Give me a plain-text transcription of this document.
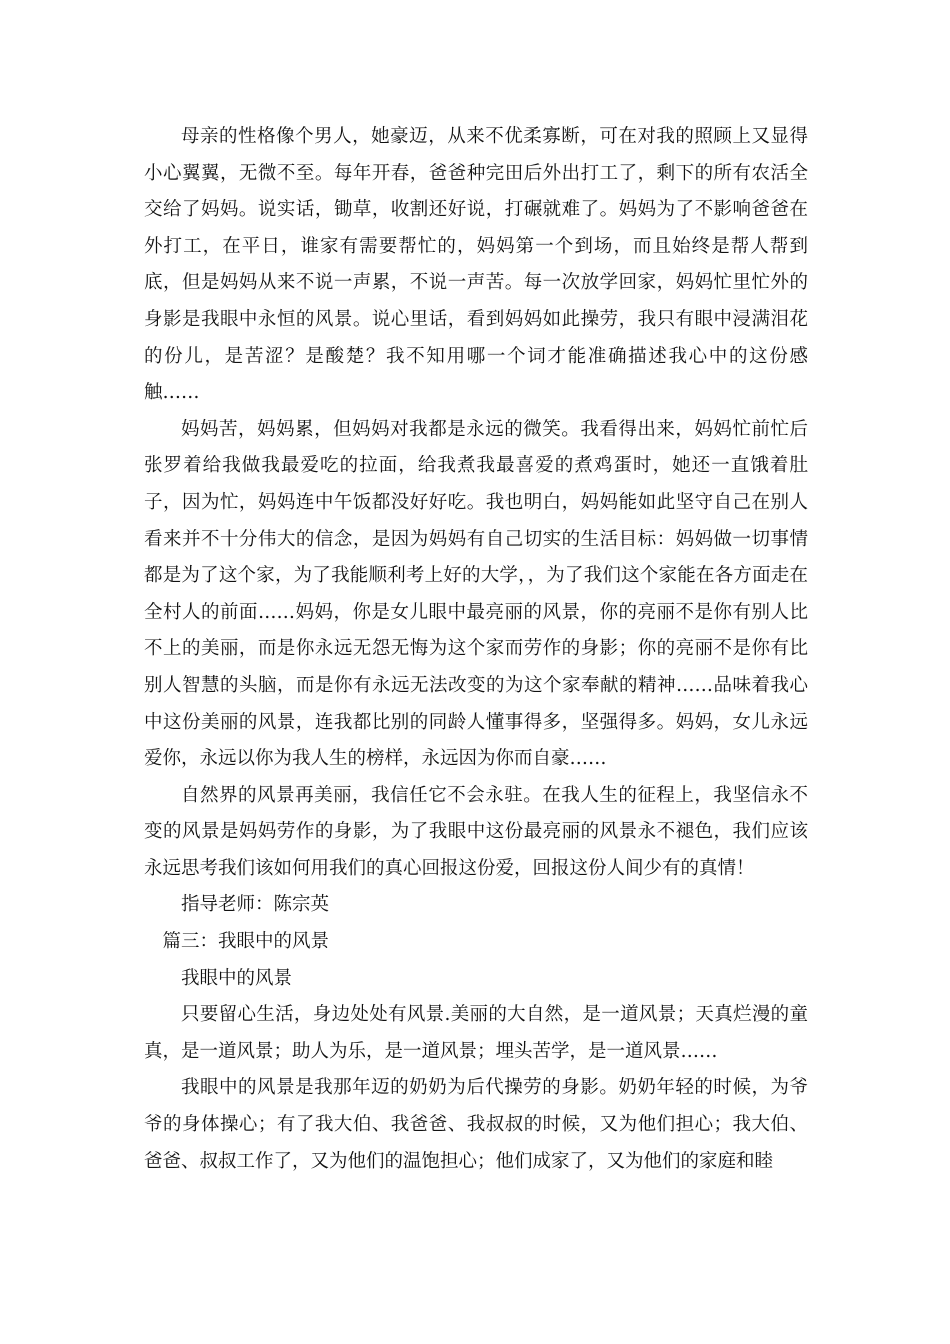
母亲的性格像个男人，她豪迈，从来不优柔寡断，可在对我的照顾上又显得小心翼翼，无微不至。每年开春，爸爸种完田后外出打工了，剩下的所有农活全交给了妈妈。说实话，锄草，收割还好说，打碾就难了。妈妈为了不影响爸爸在外打工，在平日，谁家有需要帮忙的，妈妈第一个到场，而且始终是帮人帮到底，但是妈妈从来不说一声累，不说一声苦。每一次放学回家，妈妈忙里忙外的身影是我眼中永恒的风景。说心里话，看到妈妈如此操劳，我只有眼中浸满泪花的份儿，是苦涩？是酸楚？我不知用哪一个词才能准确描述我心中的这份感触……

妈妈苦，妈妈累，但妈妈对我都是永远的微笑。我看得出来，妈妈忙前忙后张罗着给我做我最爱吃的拉面，给我煮我最喜爱的煮鸡蛋时，她还一直饿着肚子，因为忙，妈妈连中午饭都没好好吃。我也明白，妈妈能如此坚守自己在别人看来并不十分伟大的信念，是因为妈妈有自己切实的生活目标：妈妈做一切事情都是为了这个家，为了我能顺利考上好的大学，，为了我们这个家能在各方面走在全村人的前面……妈妈，你是女儿眼中最亮丽的风景，你的亮丽不是你有别人比不上的美丽，而是你永远无怨无悔为这个家而劳作的身影；你的亮丽不是你有比别人智慧的头脑，而是你有永远无法改变的为这个家奉献的精神……品味着我心中这份美丽的风景，连我都比别的同龄人懂事得多，坚强得多。妈妈，女儿永远爱你，永远以你为我人生的榜样，永远因为你而自豪……

自然界的风景再美丽，我信任它不会永驻。在我人生的征程上，我坚信永不变的风景是妈妈劳作的身影，为了我眼中这份最亮丽的风景永不褪色，我们应该永远思考我们该如何用我们的真心回报这份爱，回报这份人间少有的真情！

指导老师：陈宗英

篇三：我眼中的风景

我眼中的风景

只要留心生活，身边处处有风景.美丽的大自然，是一道风景；天真烂漫的童真，是一道风景；助人为乐，是一道风景；埋头苦学，是一道风景……

我眼中的风景是我那年迈的奶奶为后代操劳的身影。奶奶年轻的时候，为爷爷的身体操心；有了我大伯、我爸爸、我叔叔的时候，又为他们担心；我大伯、爸爸、叔叔工作了，又为他们的温饱担心；他们成家了，又为他们的家庭和睦
